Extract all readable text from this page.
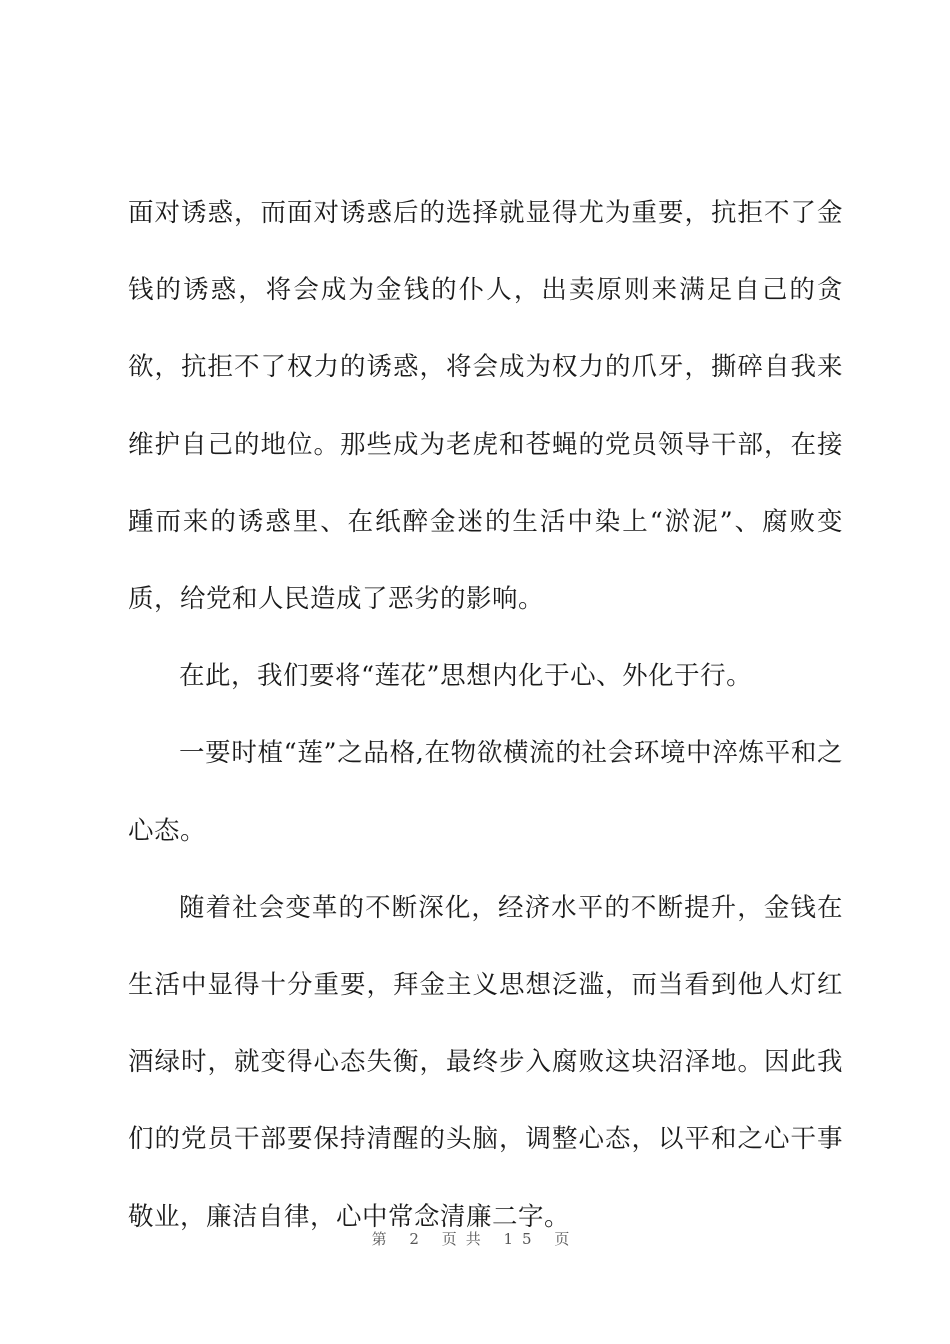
面对诱惑，而面对诱惑后的选择就显得尤为重要，抗拒不了金钱的诱惑，将会成为金钱的仆人，出卖原则来满足自己的贪欲，抗拒不了权力的诱惑，将会成为权力的爪牙，撕碎自我来维护自己的地位。那些成为老虎和苍蝇的党员领导干部，在接踵而来的诱惑里、在纸醉金迷的生活中染上“淤泥”、腐败变质，给党和人民造成了恶劣的影响。

在此，我们要将“莲花”思想内化于心、外化于行。

一要时植“莲”之品格,在物欲横流的社会环境中淬炼平和之心态。

随着社会变革的不断深化，经济水平的不断提升，金钱在生活中显得十分重要，拜金主义思想泛滥，而当看到他人灯红酒绿时，就变得心态失衡，最终步入腐败这块沼泽地。因此我们的党员干部要保持清醒的头脑，调整心态，以平和之心干事敬业，廉洁自律，心中常念清廉二字。

第 2 页共 15 页
